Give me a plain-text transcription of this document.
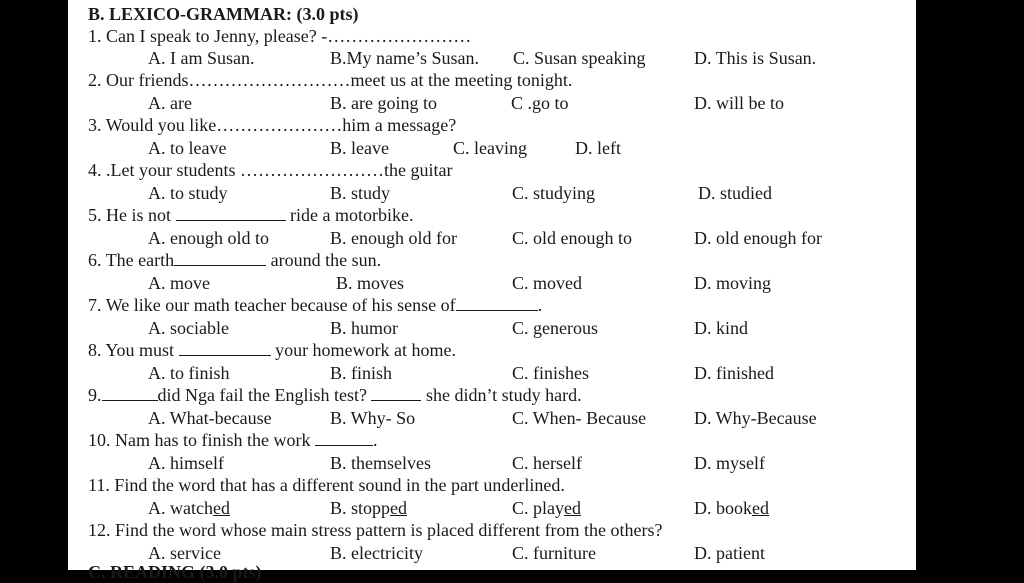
B. LEXICO-GRAMMAR: (3.0 pts)
1. Can I speak to Jenny, please? -……………………
A. I am Susan.	B.My name’s Susan. C. Susan speaking	D. This is Susan.
2. Our friends………………………meet us at the meeting tonight.
A. are	B. are going to	C .go to	D. will be to
3. Would you like…………………him a message?
A. to leave	B. leave	C. leaving	D. left
4. .Let your students ……………………the guitar
A. to study	B. study	C. studying	D. studied
5. He is not	ride a motorbike.
A. enough old to	B. enough old for	C. old enough to	D. old enough for
6. The earth	around the sun.
A. move	B. moves	C. moved	D. moving
7. We like our math teacher because of his sense of	.
A. sociable	B. humor	C. generous	D. kind
8. You must	your homework at home.
A. to finish	B. finish	C. finishes	D. finished
9.	did Nga fail the English test?	she didn’t study hard.
A. What-because	B. Why- So	C. When- Because	D. Why-Because
10. Nam has to finish the work	.
A. himself	B. themselves	C. herself	D. myself
11. Find the word that has a different sound in the part underlined.
A. watched	B. stopped	C. played	D. booked
12. Find the word whose main stress pattern is placed different from the others?
A. service	B. electricity	C. furniture	D. patient
C. READING (3.0 pts)
